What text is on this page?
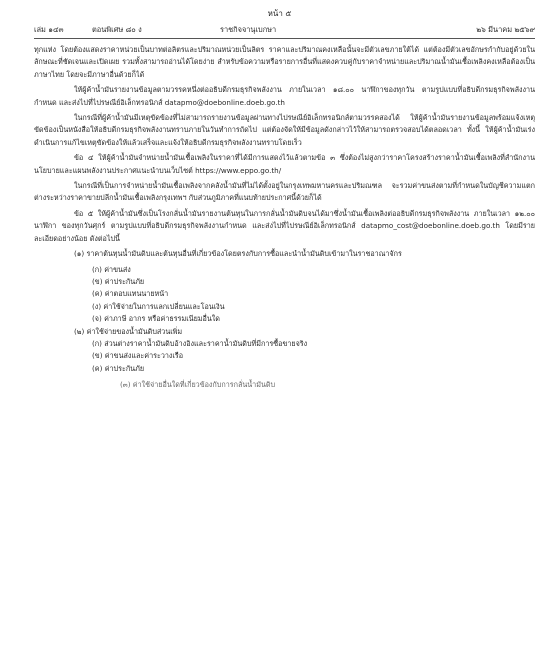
หน้า ๕
เล่ม ๑๔๓	ตอนพิเศษ ๘๐ ง	ราชกิจจานุเบกษา	๒๖ มีนาคม ๒๕๖๙

ทุกแห่ง โดยต้องแสดงราคาหน่วยเป็นบาทต่อลิตรและปริมาณหน่วยเป็นลิตร ราคาและปริมาณคงเหลือนั้นจะมีตัวเลขภายใต้ได้ แต่ต้องมีตัวเลขอักษรกำกับอยู่ด้วยในลักษณะที่ชัดเจนและเปิดเผย รวมทั้งสามารถอ่านได้โดยง่าย สำหรับข้อความหรือรายการอื่นที่แสดงควบคู่กับราคาจำหน่ายและปริมาณน้ำมันเชื้อเพลิงคงเหลือต้องเป็นภาษาไทย โดยจะมีภาษาอื่นด้วยก็ได้

ให้ผู้ค้าน้ำมันรายงานข้อมูลตามวรรคหนึ่งต่ออธิบดีกรมธุรกิจพลังงาน ภายในเวลา ๑๘.๐๐ นาฬิกาของทุกวัน ตามรูปแบบที่อธิบดีกรมธุรกิจพลังงานกำหนด และส่งไปที่ไปรษณีย์อิเล็กทรอนิกส์ datapmo@doebonline.doeb.go.th

ในกรณีที่ผู้ค้าน้ำมันมีเหตุขัดข้องที่ไม่สามารถรายงานข้อมูลผ่านทางไปรษณีย์อิเล็กทรอนิกส์ตามวรรคสองได้ ให้ผู้ค้าน้ำมันรายงานข้อมูลพร้อมแจ้งเหตุขัดข้องเป็นหนังสือให้อธิบดีกรมธุรกิจพลังงานทราบภายในวันทำการถัดไป แต่ต้องจัดให้มีข้อมูลดังกล่าวไว้ให้สามารถตรวจสอบได้ตลอดเวลา ทั้งนี้ ให้ผู้ค้าน้ำมันเร่งดำเนินการแก้ไขเหตุขัดข้องให้แล้วเสร็จและแจ้งให้อธิบดีกรมธุรกิจพลังงานทราบโดยเร็ว

ข้อ ๔ ให้ผู้ค้าน้ำมันจำหน่ายน้ำมันเชื้อเพลิงในราคาที่ได้มีการแสดงไว้แล้วตามข้อ ๓ ซึ่งต้องไม่สูงกว่าราคาโครงสร้างราคาน้ำมันเชื้อเพลิงที่สำนักงานนโยบายและแผนพลังงานประกาศแนะนำบนเว็บไซต์ https://www.eppo.go.th/

ในกรณีที่เป็นการจำหน่ายน้ำมันเชื้อเพลิงจากคลังน้ำมันที่ไม่ได้ตั้งอยู่ในกรุงเทพมหานครและปริมณฑล จะรวมค่าขนส่งตามที่กำหนดในบัญชีความแตกต่างระหว่างราคาขายปลีกน้ำมันเชื้อเพลิงกรุงเทพฯ กับส่วนภูมิภาคที่แนบท้ายประกาศนี้ด้วยก็ได้

ข้อ ๕ ให้ผู้ค้าน้ำมันซึ่งเป็นโรงกลั่นน้ำมันรายงานต้นทุนในการกลั่นน้ำมันดิบจนได้มาซึ่งน้ำมันเชื้อเพลิงต่ออธิบดีกรมธุรกิจพลังงาน ภายในเวลา ๑๒.๐๐ นาฬิกา ของทุกวันศุกร์ ตามรูปแบบที่อธิบดีกรมธุรกิจพลังงานกำหนด และส่งไปที่ไปรษณีย์อิเล็กทรอนิกส์ datapmo_cost@doebonline.doeb.go.th โดยมีรายละเอียดอย่างน้อย ดังต่อไปนี้

(๑) ราคาต้นทุนน้ำมันดิบและต้นทุนอื่นที่เกี่ยวข้องโดยตรงกับการซื้อและนำน้ำมันดิบเข้ามาในราชอาณาจักร

(ก) ค่าขนส่ง
(ข) ค่าประกันภัย
(ค) ค่าตอบแทนนายหน้า
(ง) ค่าใช้จ่ายในการแลกเปลี่ยนและโอนเงิน
(จ) ค่าภาษี อากร หรือค่าธรรมเนียมอื่นใด
(๒) ค่าใช้จ่ายของน้ำมันดิบส่วนเพิ่ม
(ก) ส่วนต่างราคาน้ำมันดิบอ้างอิงและราคาน้ำมันดิบที่มีการซื้อขายจริง
(ข) ค่าขนส่งและค่าระวางเรือ
(ค) ค่าประกันภัย
(๓) ค่าใช้จ่ายอื่นใดที่เกี่ยวข้องกับการกลั่นน้ำมันดิบ
